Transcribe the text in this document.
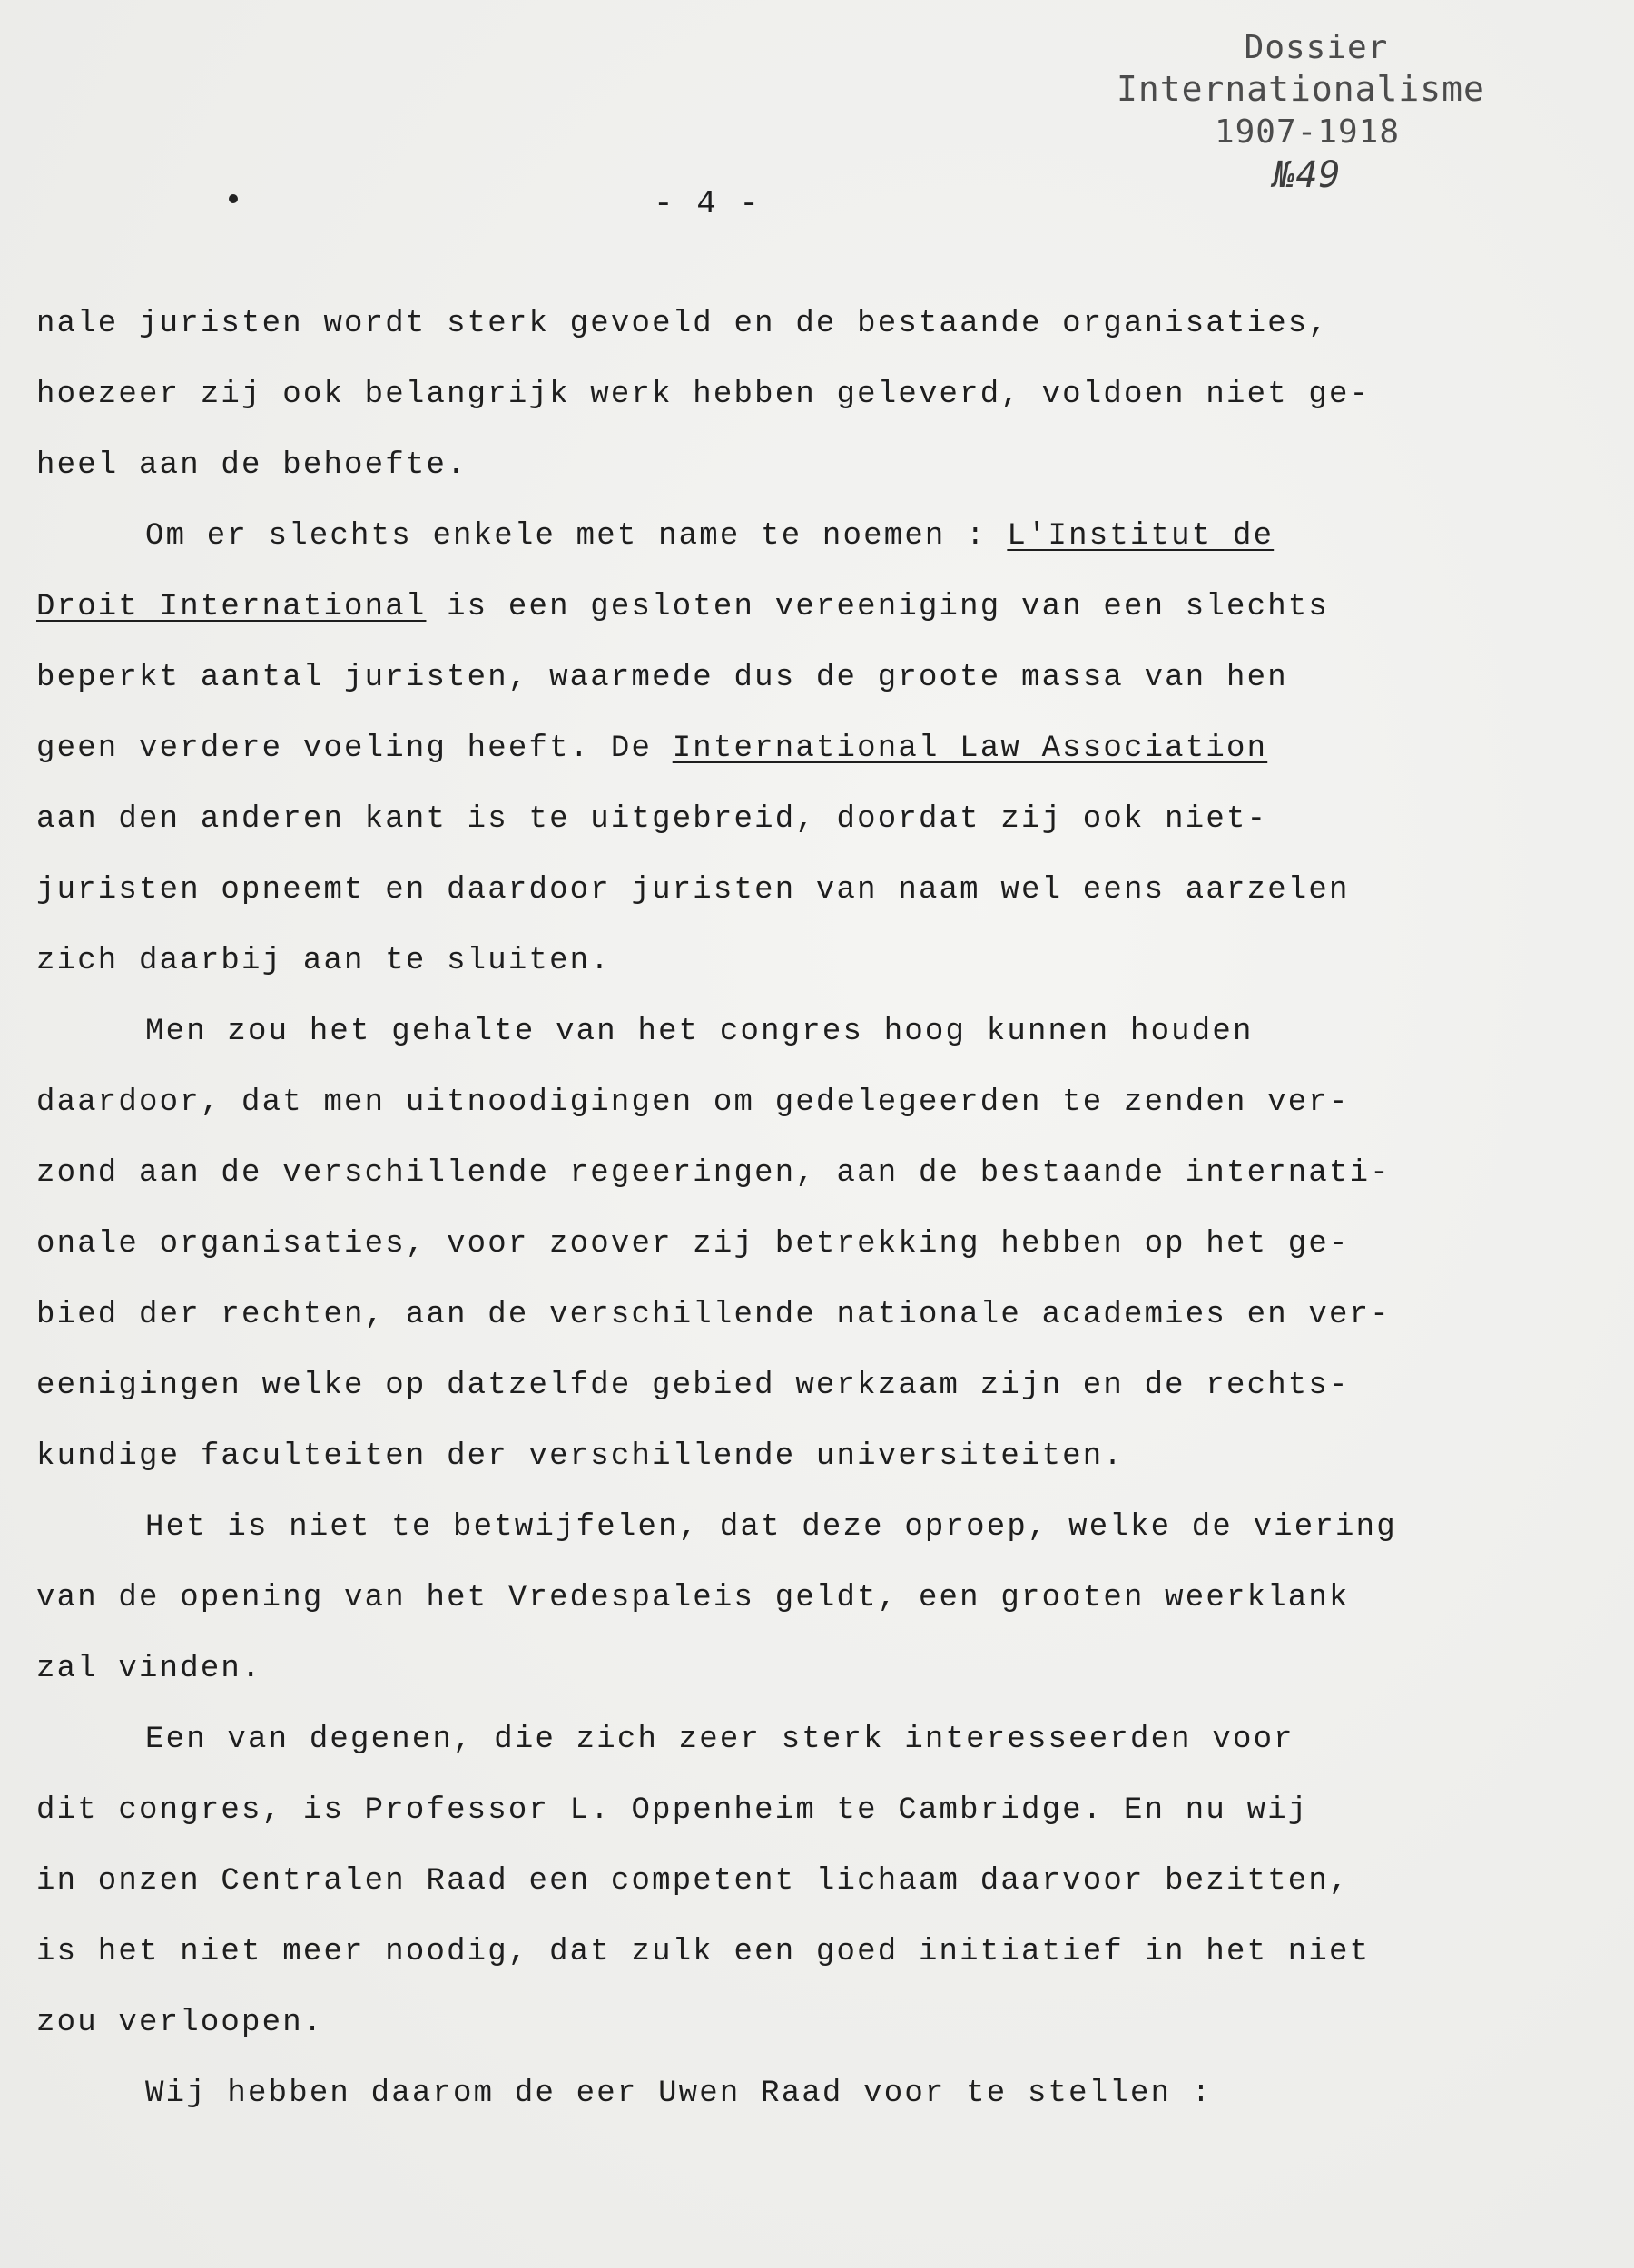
Dossier
Internationalisme
1907-1918
№49
- 4 -

nale juristen wordt sterk gevoeld en de bestaande organisaties,
hoezeer zij ook belangrijk werk hebben geleverd, voldoen niet ge-
heel aan de behoefte.

Om er slechts enkele met name te noemen : L'Institut de
Droit International is een gesloten vereeniging van een slechts
beperkt aantal juristen, waarmede dus de groote massa van hen
geen verdere voeling heeft. De International Law Association
aan den anderen kant is te uitgebreid, doordat zij ook niet-
juristen opneemt en daardoor juristen van naam wel eens aarzelen
zich daarbij aan te sluiten.

Men zou het gehalte van het congres hoog kunnen houden
daardoor, dat men uitnoodigingen om gedelegeerden te zenden ver-
zond aan de verschillende regeeringen, aan de bestaande internati-
onale organisaties, voor zoover zij betrekking hebben op het ge-
bied der rechten, aan de verschillende nationale academies en ver-
eenigingen welke op datzelfde gebied werkzaam zijn en de rechts-
kundige faculteiten der verschillende universiteiten.

Het is niet te betwijfelen, dat deze oproep, welke de viering
van de opening van het Vredespaleis geldt, een grooten weerklank
zal vinden.

Een van degenen, die zich zeer sterk interesseerden voor
dit congres, is Professor L. Oppenheim te Cambridge. En nu wij
in onzen Centralen Raad een competent lichaam daarvoor bezitten,
is het niet meer noodig, dat zulk een goed initiatief in het niet
zou verloopen.

Wij hebben daarom de eer Uwen Raad voor te stellen :
